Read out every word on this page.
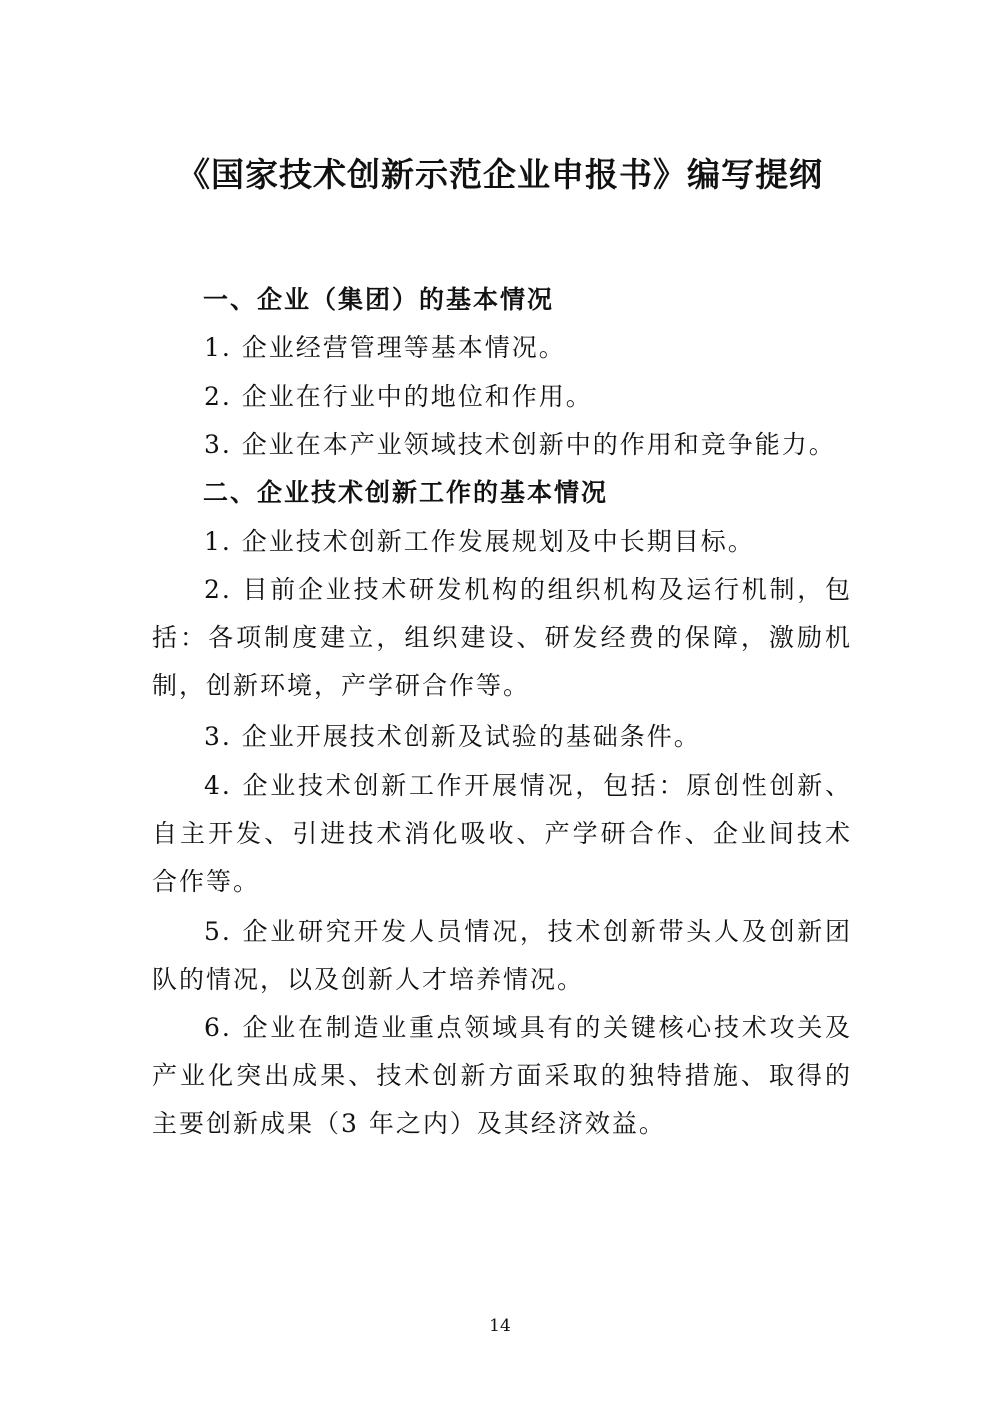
《国家技术创新示范企业申报书》编写提纲
一、企业（集团）的基本情况
1. 企业经营管理等基本情况。
2. 企业在行业中的地位和作用。
3. 企业在本产业领域技术创新中的作用和竞争能力。
二、企业技术创新工作的基本情况
1. 企业技术创新工作发展规划及中长期目标。
2. 目前企业技术研发机构的组织机构及运行机制，包括：各项制度建立，组织建设、研发经费的保障，激励机制，创新环境，产学研合作等。
3. 企业开展技术创新及试验的基础条件。
4. 企业技术创新工作开展情况，包括：原创性创新、自主开发、引进技术消化吸收、产学研合作、企业间技术合作等。
5. 企业研究开发人员情况，技术创新带头人及创新团队的情况，以及创新人才培养情况。
6. 企业在制造业重点领域具有的关键核心技术攻关及产业化突出成果、技术创新方面采取的独特措施、取得的主要创新成果（3 年之内）及其经济效益。
14
